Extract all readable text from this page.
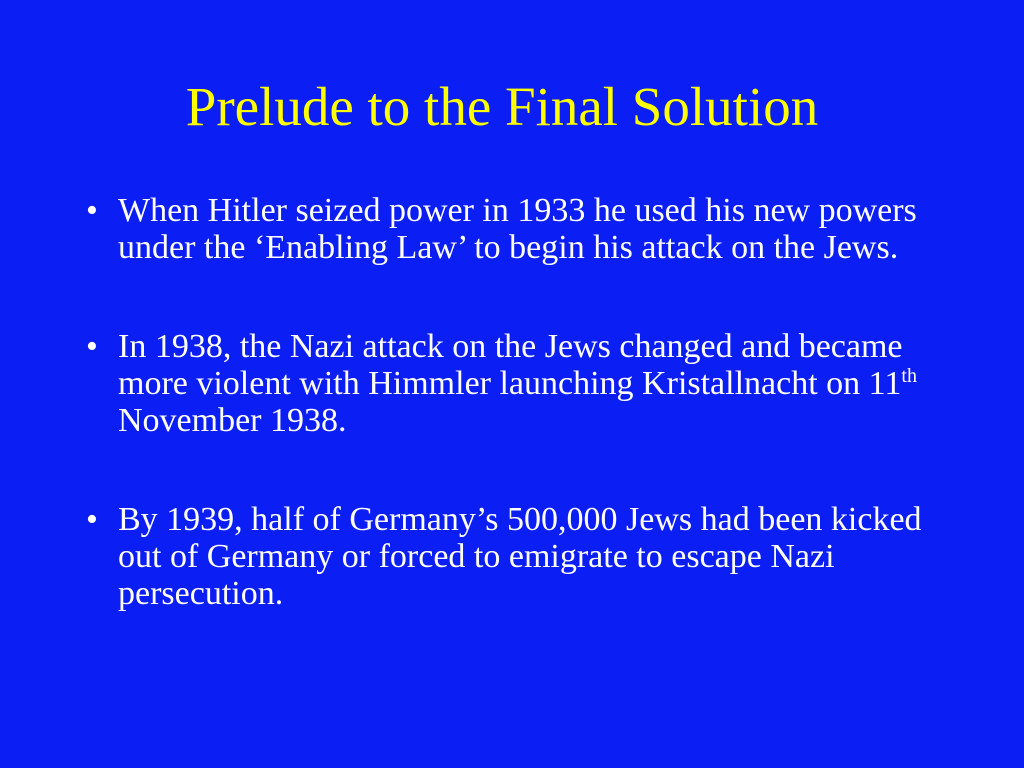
Prelude to the Final Solution
• When Hitler seized power in 1933 he used his new powers under the ‘Enabling Law’ to begin his attack on the Jews.
• In 1938, the Nazi attack on the Jews changed and became more violent with Himmler launching Kristallnacht on 11th November 1938.
• By 1939, half of Germany’s 500,000 Jews had been kicked out of Germany or forced to emigrate to escape Nazi persecution.
